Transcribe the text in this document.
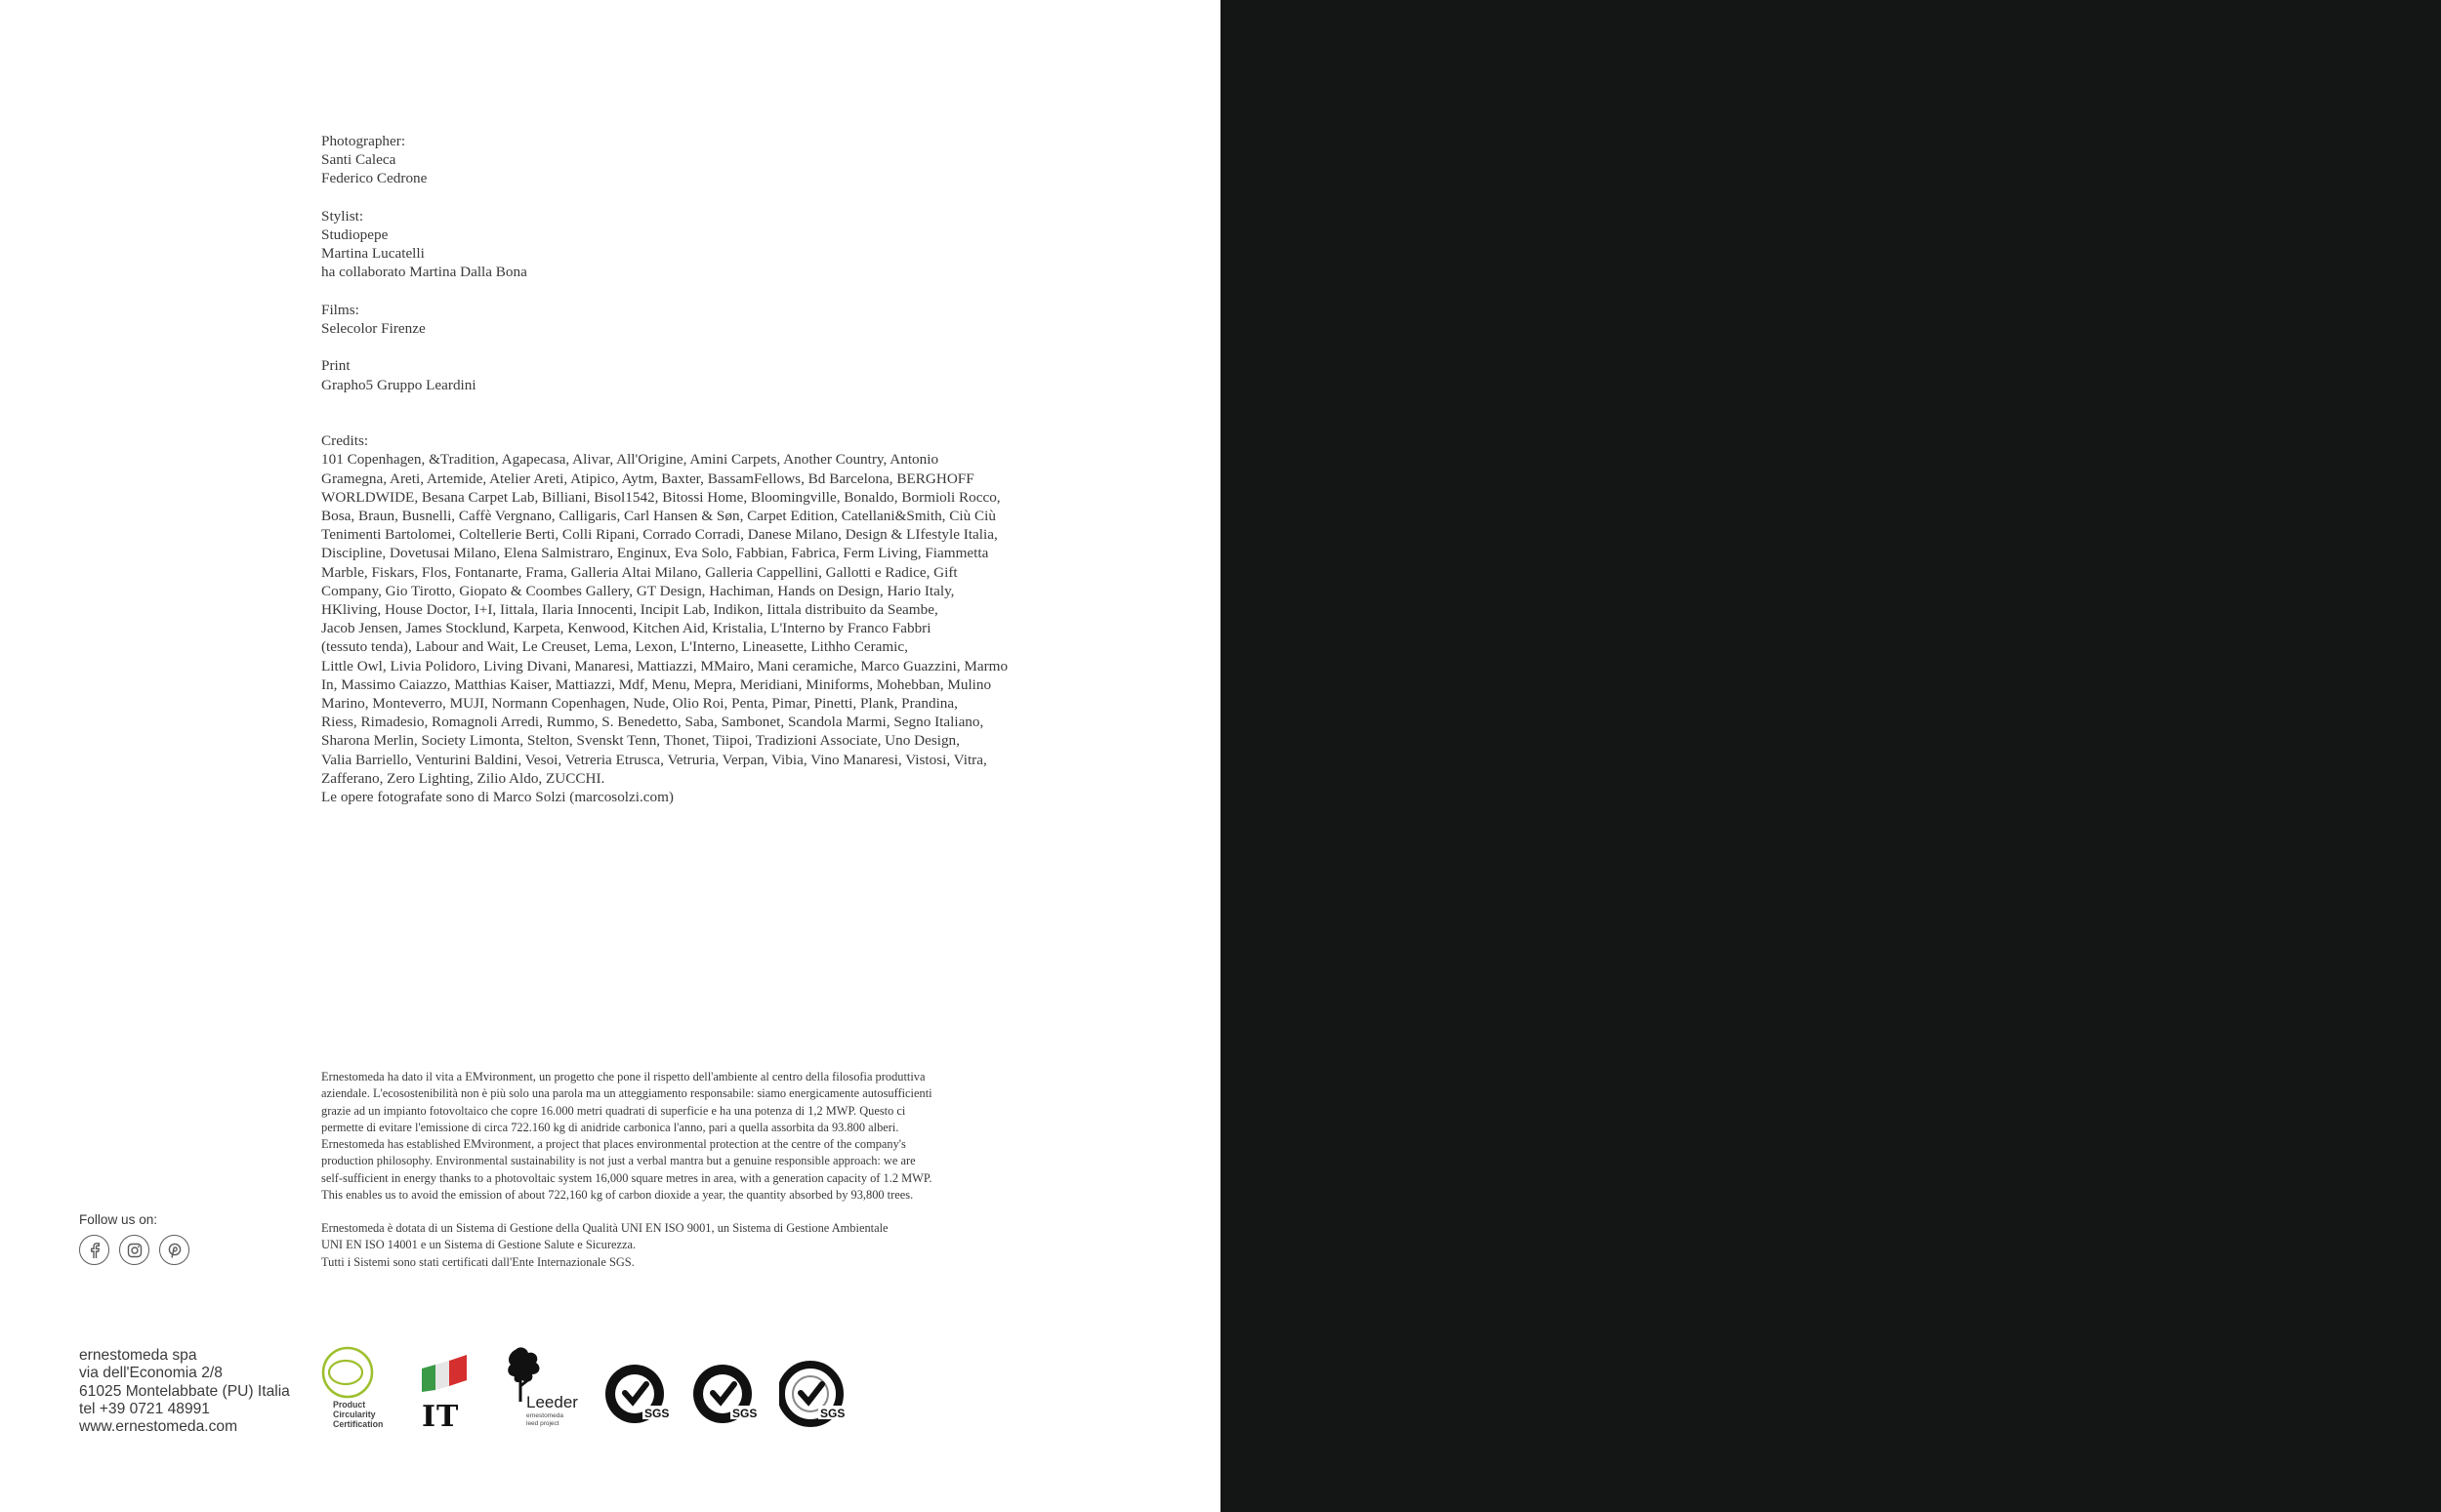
Photographer:
Santi Caleca
Federico Cedrone
Stylist:
Studiopepe
Martina Lucatelli
ha collaborato Martina Dalla Bona
Films:
Selecolor Firenze
Print
Grapho5 Gruppo Leardini
Credits:
101 Copenhagen, &Tradition, Agapecasa, Alivar, All'Origine, Amini Carpets, Another Country, Antonio
Gramegna, Areti, Artemide, Atelier Areti, Atipico, Aytm, Baxter, BassamFellows, Bd Barcelona, BERGHOFF
WORLDWIDE, Besana Carpet Lab, Billiani, Bisol1542, Bitossi Home, Bloomingville, Bonaldo, Bormioli Rocco,
Bosa, Braun, Busnelli, Caffè Vergnano, Calligaris, Carl Hansen & Søn, Carpet Edition, Catellani&Smith, Ciù Ciù
Tenimenti Bartolomei, Coltellerie Berti, Colli Ripani, Corrado Corradi, Danese Milano, Design & LIfestyle Italia,
Discipline, Dovetusai Milano, Elena Salmistraro, Enginux, Eva Solo, Fabbian, Fabrica, Ferm Living, Fiammetta
Marble, Fiskars, Flos, Fontanarte, Frama, Galleria Altai Milano, Galleria Cappellini, Gallotti e Radice, Gift
Company, Gio Tirotto, Giopato & Coombes Gallery, GT Design, Hachiman, Hands on Design, Hario Italy,
HKliving, House Doctor, I+I, Iittala, Ilaria Innocenti, Incipit Lab, Indikon, Iittala distribuito da Seambe,
Jacob Jensen, James Stocklund, Karpeta, Kenwood, Kitchen Aid, Kristalia, L'Interno by Franco Fabbri
(tessuto tenda), Labour and Wait, Le Creuset, Lema, Lexon, L'Interno, Lineasette, Lithho Ceramic,
Little Owl, Livia Polidoro, Living Divani, Manaresi, Mattiazzi, MMairo, Mani ceramiche, Marco Guazzini, Marmo
In, Massimo Caiazzo, Matthias Kaiser, Mattiazzi, Mdf, Menu, Mepra, Meridiani, Miniforms, Mohebban, Mulino
Marino, Monteverro, MUJI, Normann Copenhagen, Nude, Olio Roi, Penta, Pimar, Pinetti, Plank, Prandina,
Riess, Rimadesio, Romagnoli Arredi, Rummo, S. Benedetto, Saba, Sambonet, Scandola Marmi, Segno Italiano,
Sharona Merlin, Society Limonta, Stelton, Svenskt Tenn, Thonet, Tiipoi, Tradizioni Associate, Uno Design,
Valia Barriello, Venturini Baldini, Vesoi, Vetreria Etrusca, Vetruria, Verpan, Vibia, Vino Manaresi, Vistosi, Vitra,
Zafferano, Zero Lighting, Zilio Aldo, ZUCCHI.
Le opere fotografate sono di Marco Solzi (marcosolzi.com)
Ernestomeda ha dato il vita a EMvironment, un progetto che pone il rispetto dell'ambiente al centro della filosofia produttiva
aziendale. L'ecosostenibilità non è più solo una parola ma un atteggiamento responsabile: siamo energicamente autosufficienti
grazie ad un impianto fotovoltaico che copre 16.000 metri quadrati di superficie e ha una potenza di 1,2 MWP. Questo ci
permette di evitare l'emissione di circa 722.160 kg di anidride carbonica l'anno, pari a quella assorbita da 93.800 alberi.
Ernestomeda has established EMvironment, a project that places environmental protection at the centre of the company's
production philosophy. Environmental sustainability is not just a verbal mantra but a genuine responsible approach: we are
self-sufficient in energy thanks to a photovoltaic system 16,000 square metres in area, with a generation capacity of 1.2 MWP.
This enables us to avoid the emission of about 722,160 kg of carbon dioxide a year, the quantity absorbed by 93,800 trees.
Ernestomeda è dotata di un Sistema di Gestione della Qualità UNI EN ISO 9001, un Sistema di Gestione Ambientale
UNI EN ISO 14001 e un Sistema di Gestione Salute e Sicurezza.
Tutti i Sistemi sono stati certificati dall'Ente Internazionale SGS.
Follow us on:
ernestomeda spa
via dell'Economia 2/8
61025 Montelabbate (PU) Italia
tel +39 0721 48991
www.ernestomeda.com
Product
Circularity
Certification IT	Leeder
ernestomeda
leed project
SGS	SGS	SGS
